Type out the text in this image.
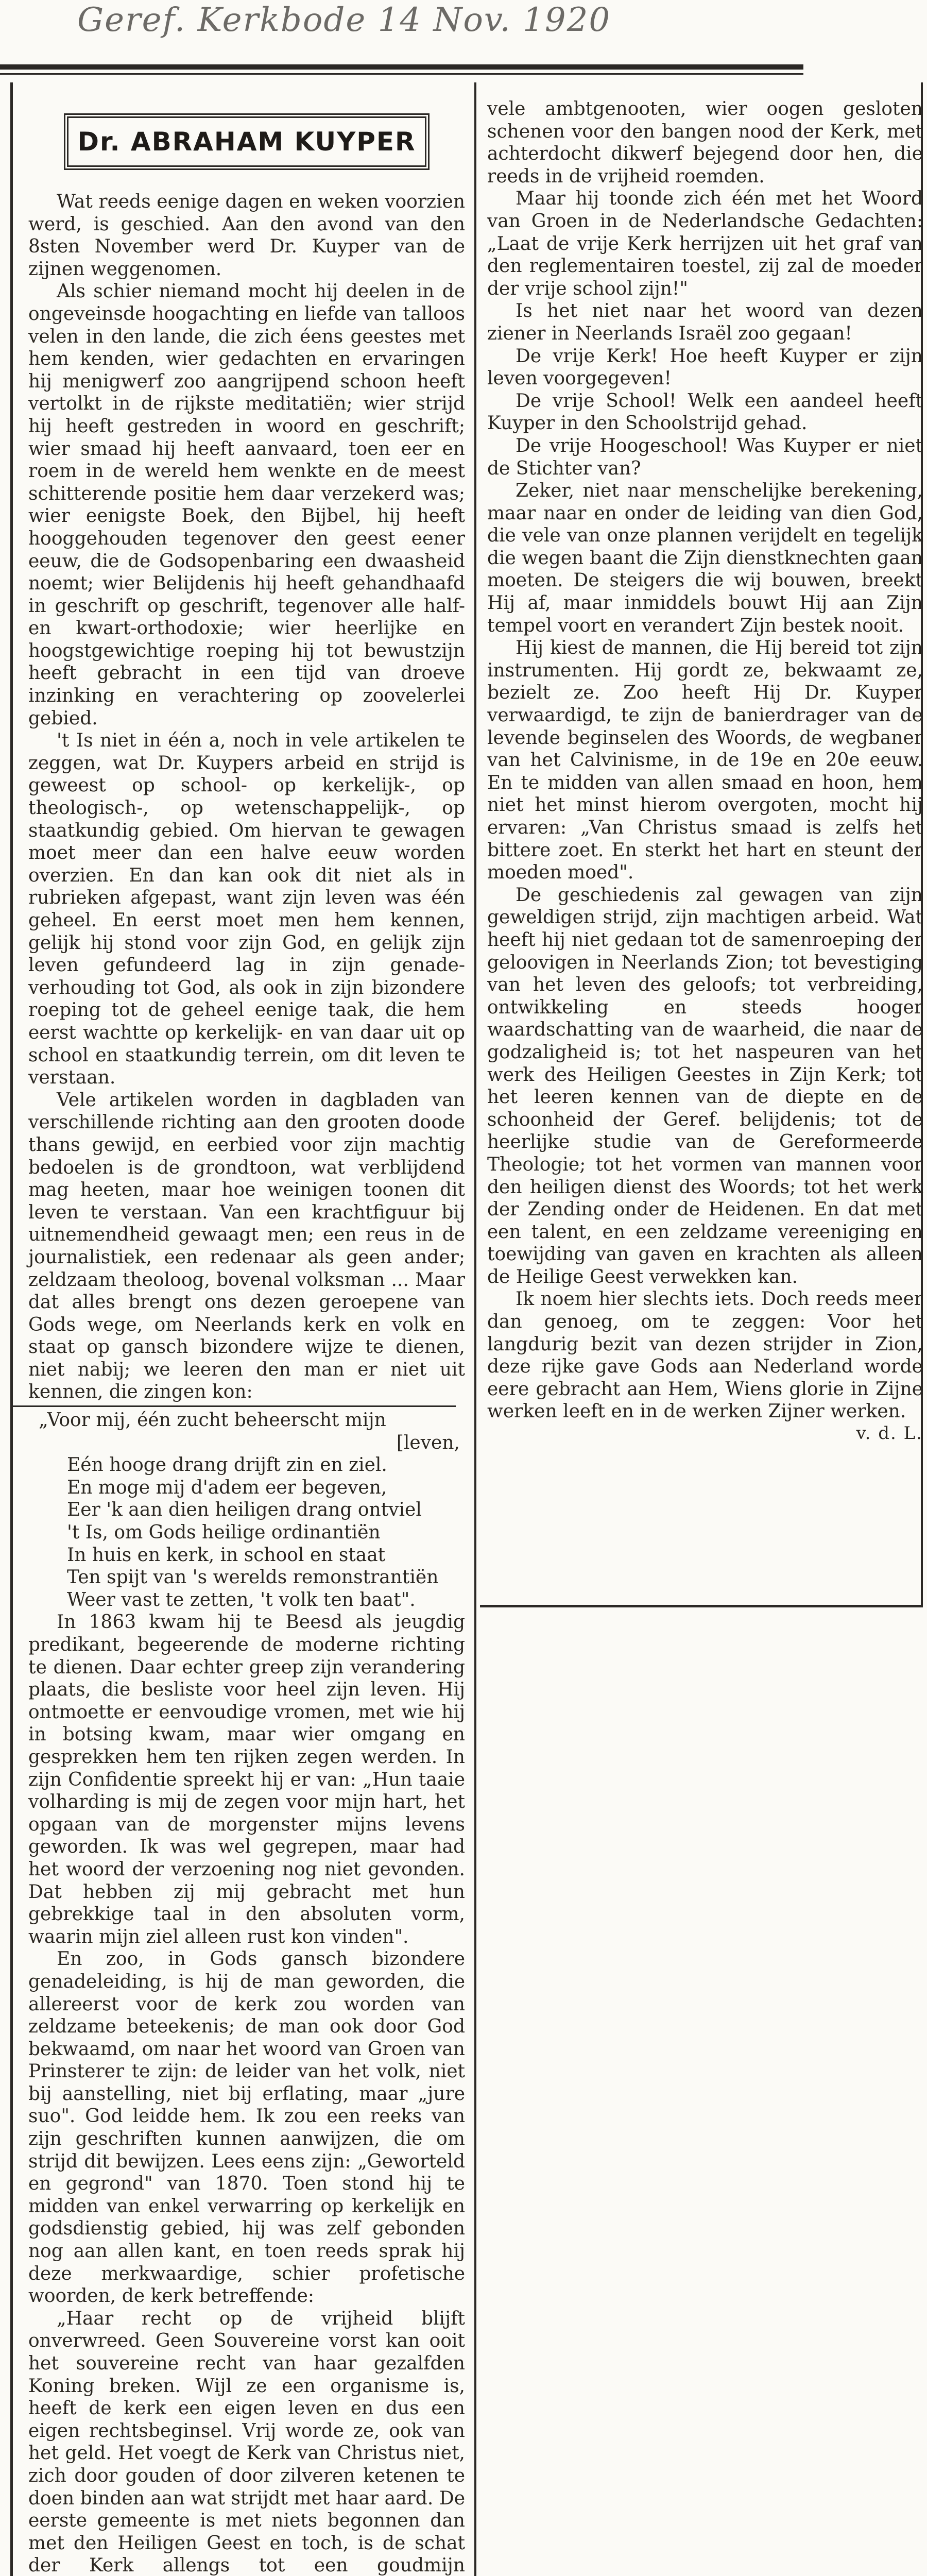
Geref. Kerkbode 14 Nov. 1920
Dr. ABRAHAM KUYPER

Wat reeds eenige dagen en weken voorzien werd, is geschied. Aan den avond van den 8sten November werd Dr. Kuyper van de zijnen weggenomen.

Als schier niemand mocht hij deelen in de ongeveinsde hoogachting en liefde van talloos velen in den lande, die zich éens geestes met hem kenden, wier gedachten en ervaringen hij menigwerf zoo aangrijpend schoon heeft vertolkt in de rijkste meditatiën; wier strijd hij heeft gestreden in woord en geschrift; wier smaad hij heeft aanvaard, toen eer en roem in de wereld hem wenkte en de meest schitterende positie hem daar verzekerd was; wier eenigste Boek, den Bijbel, hij heeft hooggehouden tegenover den geest eener eeuw, die de Godsopenbaring een dwaasheid noemt; wier Belijdenis hij heeft gehandhaafd in geschrift op geschrift, tegenover alle half- en kwart-orthodoxie; wier heerlijke en hoogstgewichtige roeping hij tot bewustzijn heeft gebracht in een tijd van droeve inzinking en verachtering op zoovelerlei gebied.

't Is niet in één a, noch in vele artikelen te zeggen, wat Dr. Kuypers arbeid en strijd is geweest op school- op kerkelijk-, op theologisch-, op wetenschappelijk-, op staatkundig gebied. Om hiervan te gewagen moet meer dan een halve eeuw worden overzien. En dan kan ook dit niet als in rubrieken afgepast, want zijn leven was één geheel. En eerst moet men hem kennen, gelijk hij stond voor zijn God, en gelijk zijn leven gefundeerd lag in zijn genade-verhouding tot God, als ook in zijn bizondere roeping tot de geheel eenige taak, die hem eerst wachtte op kerkelijk- en van daar uit op school en staatkundig terrein, om dit leven te verstaan.

Vele artikelen worden in dagbladen van verschillende richting aan den grooten doode thans gewijd, en eerbied voor zijn machtig bedoelen is de grondtoon, wat verblijdend mag heeten, maar hoe weinigen toonen dit leven te verstaan. Van een krachtfiguur bij uitnemendheid gewaagt men; een reus in de journalistiek, een redenaar als geen ander; zeldzaam theoloog, bovenal volksman ... Maar dat alles brengt ons dezen geroepene van Gods wege, om Neerlands kerk en volk en staat op gansch bizondere wijze te dienen, niet nabij; we leeren den man er niet uit kennen, die zingen kon:

„Voor mij, één zucht beheerscht mijn
[leven,
Eén hooge drang drijft zin en ziel.
En moge mij d'adem eer begeven,
Eer 'k aan dien heiligen drang ontviel
't Is, om Gods heilige ordinantiën
In huis en kerk, in school en staat
Ten spijt van 's werelds remonstrantiën
Weer vast te zetten, 't volk ten baat".

In 1863 kwam hij te Beesd als jeugdig predikant, begeerende de moderne richting te dienen. Daar echter greep zijn verandering plaats, die besliste voor heel zijn leven. Hij ontmoette er eenvoudige vromen, met wie hij in botsing kwam, maar wier omgang en gesprekken hem ten rijken zegen werden. In zijn Confidentie spreekt hij er van: „Hun taaie volharding is mij de zegen voor mijn hart, het opgaan van de morgenster mijns levens geworden. Ik was wel gegrepen, maar had het woord der verzoening nog niet gevonden. Dat hebben zij mij gebracht met hun gebrekkige taal in den absoluten vorm, waarin mijn ziel alleen rust kon vinden".

En zoo, in Gods gansch bizondere genadeleiding, is hij de man geworden, die allereerst voor de kerk zou worden van zeldzame beteekenis; de man ook door God bekwaamd, om naar het woord van Groen van Prinsterer te zijn: de leider van het volk, niet bij aanstelling, niet bij erflating, maar „jure suo". God leidde hem. Ik zou een reeks van zijn geschriften kunnen aanwijzen, die om strijd dit bewijzen. Lees eens zijn: „Geworteld en gegrond" van 1870. Toen stond hij te midden van enkel verwarring op kerkelijk en godsdienstig gebied, hij was zelf gebonden nog aan allen kant, en toen reeds sprak hij deze merkwaardige, schier profetische woorden, de kerk betreffende:

„Haar recht op de vrijheid blijft onverwreed. Geen Souvereine vorst kan ooit het souvereine recht van haar gezalfden Koning breken. Wijl ze een organisme is, heeft de kerk een eigen leven en dus een eigen rechtsbeginsel. Vrij worde ze, ook van het geld. Het voegt de Kerk van Christus niet, zich door gouden of door zilveren ketenen te doen binden aan wat strijdt met haar aard. De eerste gemeente is met niets begonnen dan met den Heiligen Geest en toch, is de schat der Kerk allengs tot een goudmijn

vele ambtgenooten, wier oogen gesloten schenen voor den bangen nood der Kerk, met achterdocht dikwerf bejegend door hen, die reeds in de vrijheid roemden.

Maar hij toonde zich één met het Woord van Groen in de Nederlandsche Gedachten: „Laat de vrije Kerk herrijzen uit het graf van den reglementairen toestel, zij zal de moeder der vrije school zijn!"

Is het niet naar het woord van dezen ziener in Neerlands Israël zoo gegaan!

De vrije Kerk! Hoe heeft Kuyper er zijn leven voorgegeven!

De vrije School! Welk een aandeel heeft Kuyper in den Schoolstrijd gehad.

De vrije Hoogeschool! Was Kuyper er niet de Stichter van?

Zeker, niet naar menschelijke berekening, maar naar en onder de leiding van dien God, die vele van onze plannen verijdelt en tegelijk die wegen baant die Zijn dienstknechten gaan moeten. De steigers die wij bouwen, breekt Hij af, maar inmiddels bouwt Hij aan Zijn tempel voort en verandert Zijn bestek nooit.

Hij kiest de mannen, die Hij bereid tot zijn instrumenten. Hij gordt ze, bekwaamt ze, bezielt ze. Zoo heeft Hij Dr. Kuyper verwaardigd, te zijn de banierdrager van de levende beginselen des Woords, de wegbaner van het Calvinisme, in de 19e en 20e eeuw. En te midden van allen smaad en hoon, hem niet het minst hierom overgoten, mocht hij ervaren: „Van Christus smaad is zelfs het bittere zoet. En sterkt het hart en steunt der moeden moed".

De geschiedenis zal gewagen van zijn geweldigen strijd, zijn machtigen arbeid. Wat heeft hij niet gedaan tot de samenroeping der geloovigen in Neerlands Zion; tot bevestiging van het leven des geloofs; tot verbreiding, ontwikkeling en steeds hooger waardschatting van de waarheid, die naar de godzaligheid is; tot het naspeuren van het werk des Heiligen Geestes in Zijn Kerk; tot het leeren kennen van de diepte en de schoonheid der Geref. belijdenis; tot de heerlijke studie van de Gereformeerde Theologie; tot het vormen van mannen voor den heiligen dienst des Woords; tot het werk der Zending onder de Heidenen. En dat met een talent, en een zeldzame vereeniging en toewijding van gaven en krachten als alleen de Heilige Geest verwekken kan.

Ik noem hier slechts iets. Doch reeds meer dan genoeg, om te zeggen: Voor het langdurig bezit van dezen strijder in Zion, deze rijke gave Gods aan Nederland worde eere gebracht aan Hem, Wiens glorie in Zijne werken leeft en in de werken Zijner werken.

v. d. L.
